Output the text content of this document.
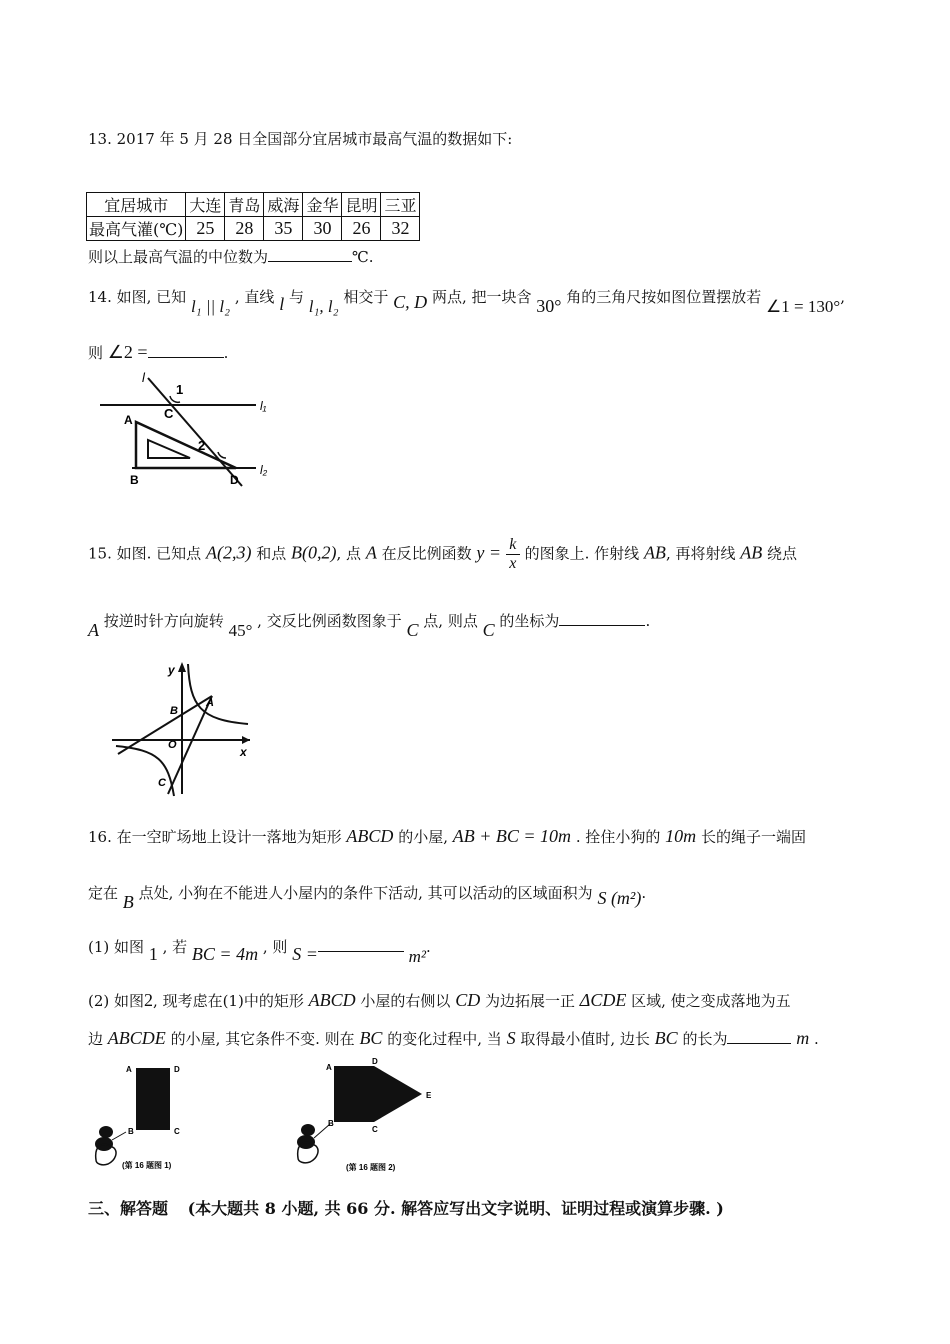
13. 2017 年 5 月 28 日全国部分宜居城市最高气温的数据如下:
宜居城市	大连	青岛	威海	金华	昆明	三亚
最高气灌(℃)	25	28	35	30	26	32
则以上最高气温的中位数为	℃.
14. 如图, 已知 l₁ || l₂ , 直线 l 与 l₁, l₂ 相交于 C, D 两点, 把一块含 30° 角的三角尺按如图位置摆放若 ∠1 = 130°,
则 ∠2 =	.
l
1
C
2
A
B	D
l₁
l₂
15. 如图. 已知点 A(2,3) 和点 B(0,2), 点 A 在反比例函数 $y = \frac{k}{x}$ 的图象上. 作射线 AB, 再将射线 AB 绕点
A 按逆时针方向旋转 45° , 交反比例函数图象于 C 点, 则点 C 的坐标为	.
y
x
A
B
O
C
16. 在一空旷场地上设计一落地为矩形 ABCD 的小屋, AB + BC = 10m . 拴住小狗的 10m 长的绳子一端固
定在 B 点处, 小狗在不能进人小屋内的条件下活动, 其可以活动的区域面积为 S (m²).
(1) 如图 1 , 若 BC = 4m , 则 S =	m².
(2) 如图2, 现考虑在(1)中的矩形 ABCD 小屋的右侧以 CD 为边拓展一正 ΔCDE 区域, 使之变成落地为五
边 ABCDE 的小屋, 其它条件不变. 则在 BC 的变化过程中, 当 S 取得最小值时, 边长 BC 的长为	m .
A	D
B	C
(第 16 题图 1)
A
D
E
B
C
(第 16 题图 2)
三、解答题 (本大题共 8 小题, 共 66 分. 解答应写出文字说明、证明过程或演算步骤. )
